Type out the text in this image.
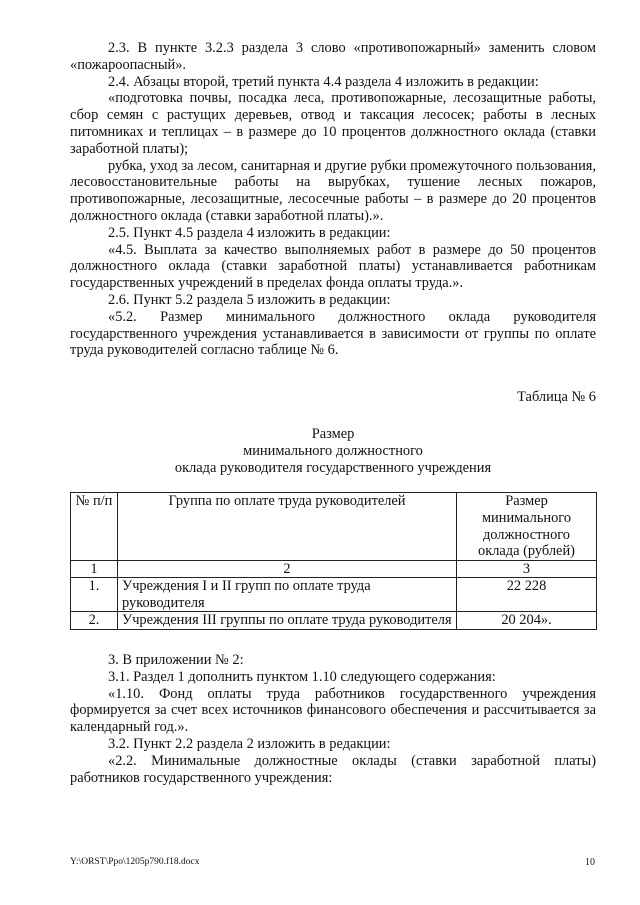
2.3. В пункте 3.2.3 раздела 3 слово «противопожарный» заменить словом «пожароопасный».

2.4. Абзацы второй, третий пункта 4.4 раздела 4 изложить в редакции:

«подготовка почвы, посадка леса, противопожарные, лесозащитные работы, сбор семян с растущих деревьев, отвод и таксация лесосек; работы в лесных питомниках и теплицах – в размере до 10 процентов должностного оклада (ставки заработной платы);

рубка, уход за лесом, санитарная и другие рубки промежуточного пользования, лесовосстановительные работы на вырубках, тушение лесных пожаров, противопожарные, лесозащитные, лесосечные работы – в размере до 20 процентов должностного оклада (ставки заработной платы).».

2.5. Пункт 4.5 раздела 4 изложить в редакции:

«4.5. Выплата за качество выполняемых работ в размере до 50 процентов должностного оклада (ставки заработной платы) устанавливается работникам государственных учреждений в пределах фонда оплаты труда.».

2.6. Пункт 5.2 раздела 5 изложить в редакции:

«5.2. Размер минимального должностного оклада руководителя государственного учреждения устанавливается в зависимости от группы по оплате труда руководителей согласно таблице № 6.

Таблица № 6

Размер

минимального должностного

оклада руководителя государственного учреждения

№ п/п	Группа по оплате труда руководителей	Размер минимального должностного оклада (рублей)
1	2	3
1.	Учреждения I и II групп по оплате труда руководителя	22 228
2.	Учреждения III группы по оплате труда руководителя	20 204».

3. В приложении № 2:

3.1. Раздел 1 дополнить пунктом 1.10 следующего содержания:

«1.10. Фонд оплаты труда работников государственного учреждения формируется за счет всех источников финансового обеспечения и рассчитывается за календарный год.».

3.2. Пункт 2.2 раздела 2 изложить в редакции:

«2.2. Минимальные должностные оклады (ставки заработной платы) работников государственного учреждения:

Y:\ORST\Ppo\1205p790.f18.docx	10
